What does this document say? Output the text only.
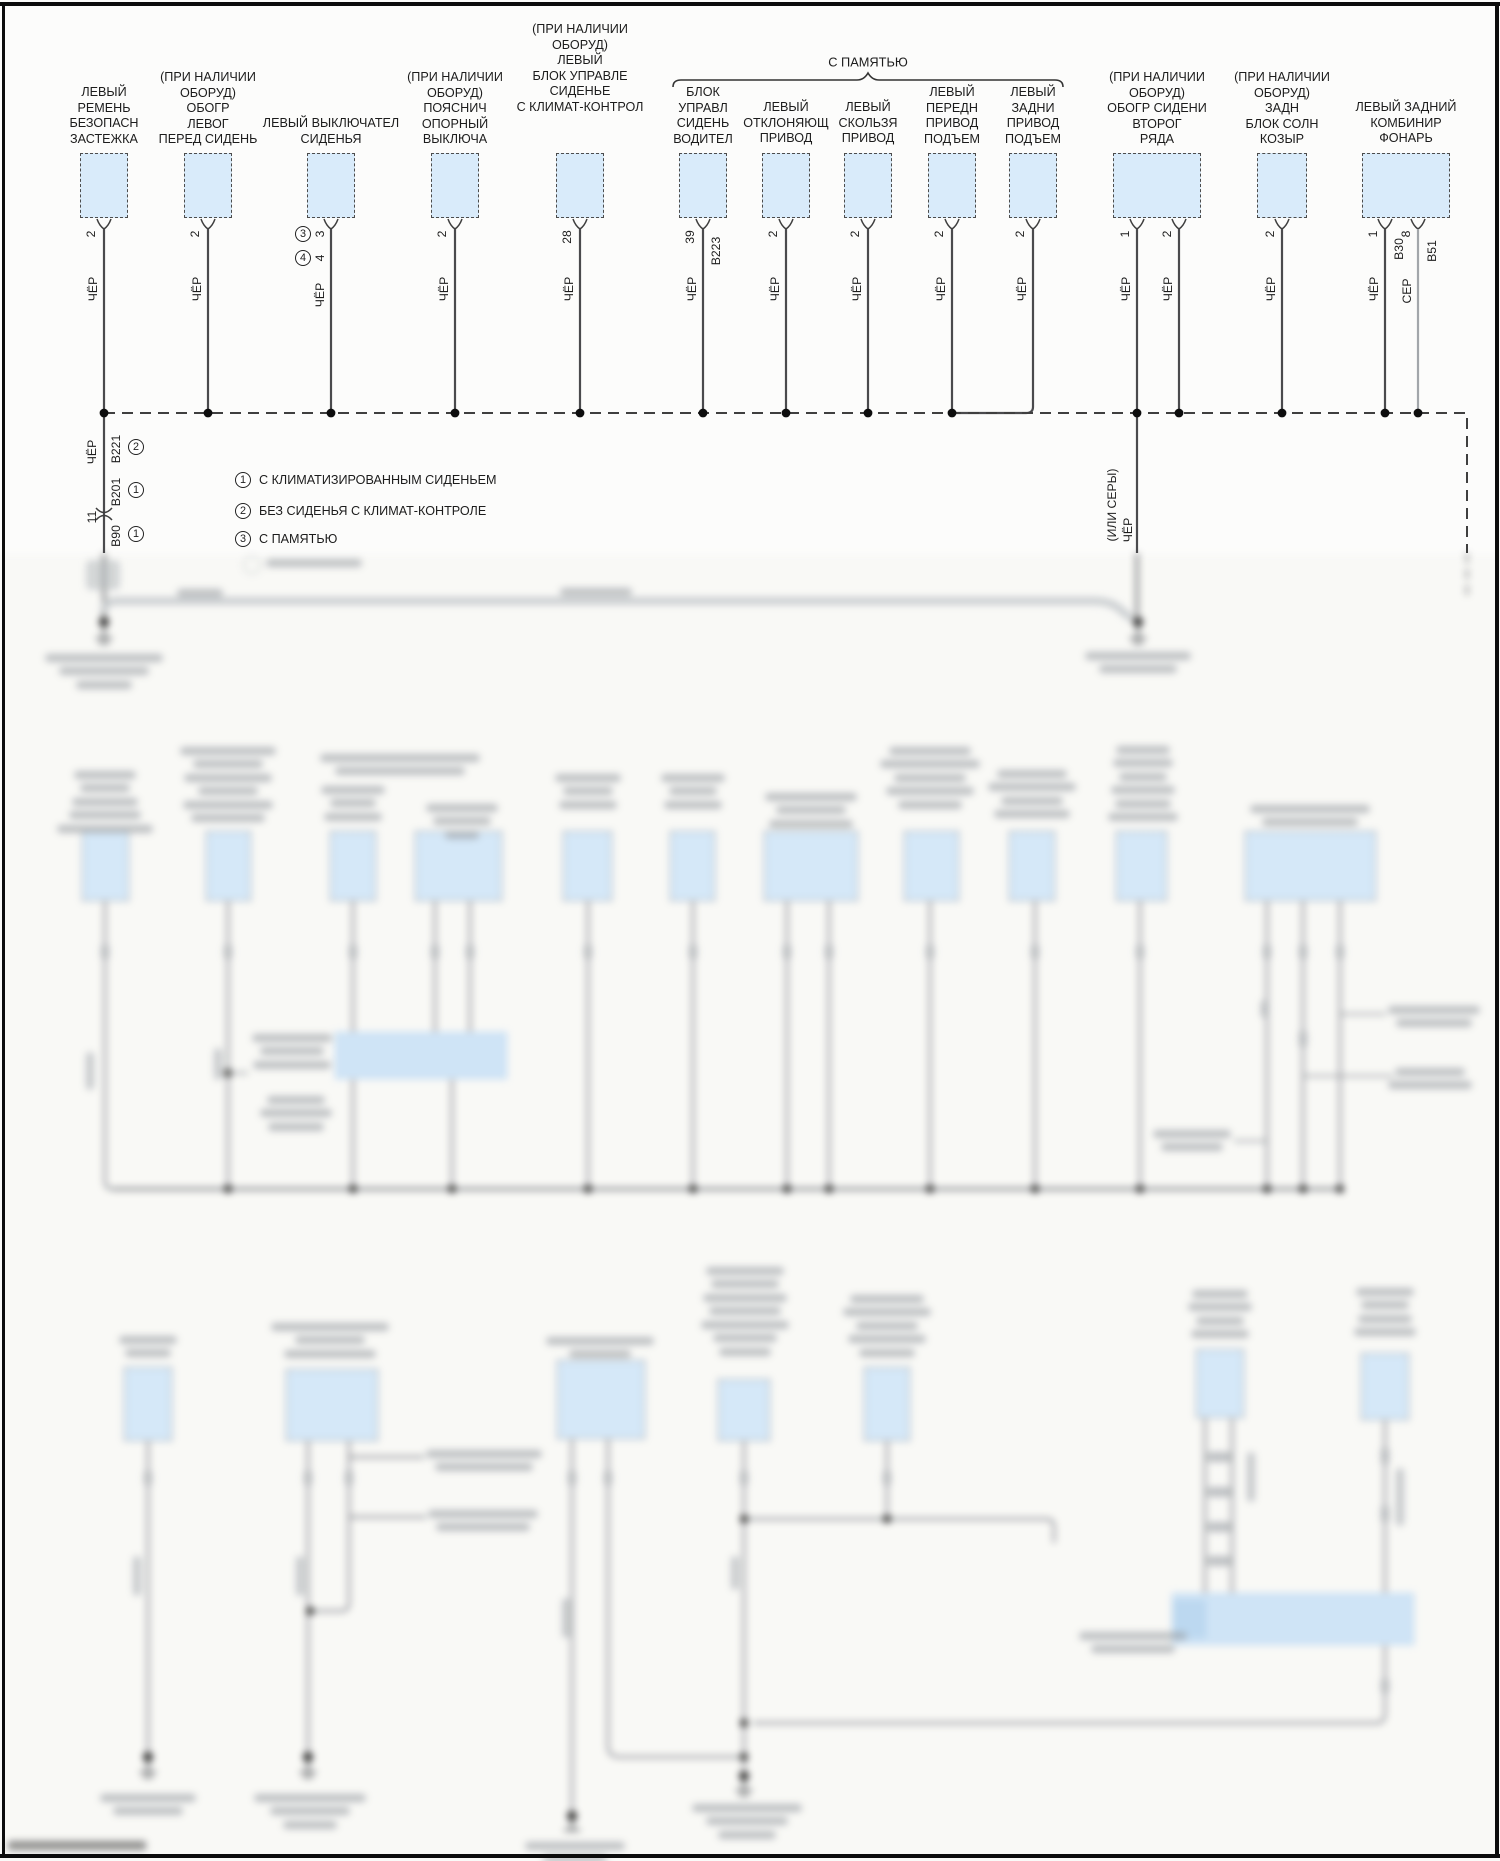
ЛЕВЫЙ
РЕМЕНЬ
БЕЗОПАСН
ЗАСТЕЖКА
(ПРИ НАЛИЧИИ
ОБОРУД)
ОБОГР
ЛЕВОГ
ПЕРЕД СИДЕНЬ
ЛЕВЫЙ ВЫКЛЮЧАТЕЛ
СИДЕНЬЯ
(ПРИ НАЛИЧИИ
ОБОРУД)
ПОЯСНИЧ
ОПОРНЫЙ
ВЫКЛЮЧА
(ПРИ НАЛИЧИИ
ОБОРУД)
ЛЕВЫЙ
БЛОК УПРАВЛЕ
СИДЕНЬЕ
С КЛИМАТ-КОНТРОЛ
БЛОК
УПРАВЛ
СИДЕНЬ
ВОДИТЕЛ
ЛЕВЫЙ
ОТКЛОНЯЮЩ
ПРИВОД
ЛЕВЫЙ
СКОЛЬЗЯ
ПРИВОД
ЛЕВЫЙ
ПЕРЕДН
ПРИВОД
ПОДЪЕМ
ЛЕВЫЙ
ЗАДНИ
ПРИВОД
ПОДЪЕМ
(ПРИ НАЛИЧИИ
ОБОРУД)
ОБОГР СИДЕНИ
ВТОРОГ
РЯДА
(ПРИ НАЛИЧИИ
ОБОРУД)
ЗАДН
БЛОК СОЛН
КОЗЫР
ЛЕВЫЙ ЗАДНИЙ
КОМБИНИР
ФОНАРЬ
С ПАМЯТЬЮ
2	2	3
4
2	28	39	2	2	2	2	1 2	2	1 8
3
4	B223	B30 B51
ЧЁР	ЧЁР	ЧЁР	ЧЁР	ЧЁР	ЧЁР	ЧЁР	ЧЁР	ЧЁР	ЧЁР	ЧЁР ЧЁР	ЧЁР	ЧЁР СЕР
ЧЁР B221 2
B201 1
11
B90 1	(ИЛИ СЕРЫ) ЧЁР
1	С КЛИМАТИЗИРОВАННЫМ СИДЕНЬЕМ
2	БЕЗ СИДЕНЬЯ С КЛИМАТ-КОНТРОЛЕ
3	С ПАМЯТЬЮ
